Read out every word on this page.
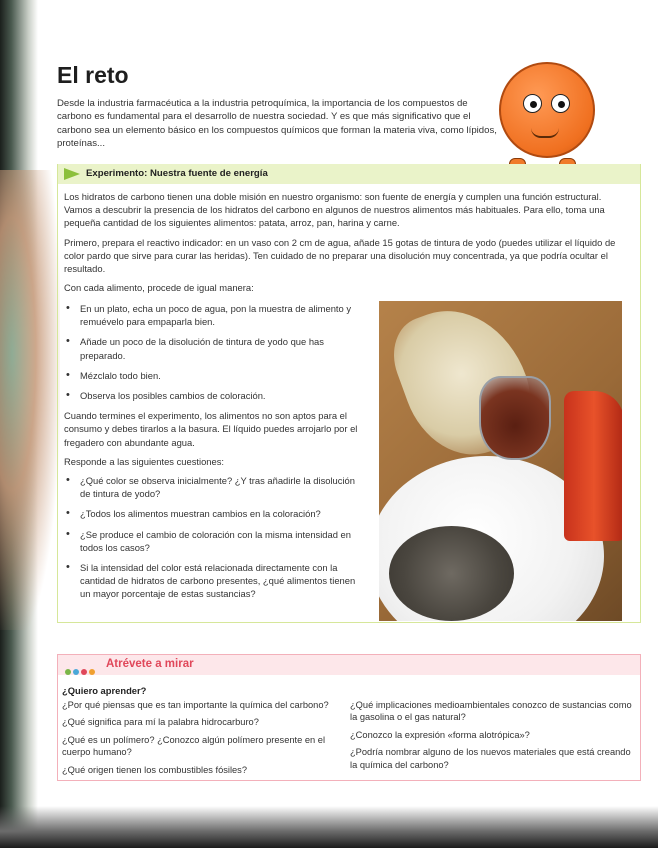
El reto

Desde la industria farmacéutica a la industria petroquímica, la importancia de los compuestos de carbono es fundamental para el desarrollo de nuestra sociedad. Y es que más significativo que el carbono sea un elemento básico en los compuestos químicos que forman la materia viva, como lípidos, proteínas...

Experimento: Nuestra fuente de energía

Los hidratos de carbono tienen una doble misión en nuestro organismo: son fuente de energía y cumplen una función estructural. Vamos a descubrir la presencia de los hidratos del carbono en algunos de nuestros alimentos más habituales. Para ello, toma una pequeña cantidad de los siguientes alimentos: patata, arroz, pan, harina y carne.

Primero, prepara el reactivo indicador: en un vaso con 2 cm de agua, añade 15 gotas de tintura de yodo (puedes utilizar el líquido de color pardo que sirve para curar las heridas). Ten cuidado de no preparar una disolución muy concentrada, ya que podría ocultar el resultado.

Con cada alimento, procede de igual manera:

• En un plato, echa un poco de agua, pon la muestra de alimento y remuévelo para empaparla bien.
• Añade un poco de la disolución de tintura de yodo que has preparado.
• Mézclalo todo bien.
• Observa los posibles cambios de coloración.

Cuando termines el experimento, los alimentos no son aptos para el consumo y debes tirarlos a la basura. El líquido puedes arrojarlo por el fregadero con abundante agua.

Responde a las siguientes cuestiones:

• ¿Qué color se observa inicialmente? ¿Y tras añadirle la disolución de tintura de yodo?
• ¿Todos los alimentos muestran cambios en la coloración?
• ¿Se produce el cambio de coloración con la misma intensidad en todos los casos?
• Si la intensidad del color está relacionada directamente con la cantidad de hidratos de carbono presentes, ¿qué alimentos tienen un mayor porcentaje de estas sustancias?
Atrévete a mirar
¿Quiero aprender?

¿Por qué piensas que es tan importante la química del carbono?

¿Qué significa para mí la palabra hidrocarburo?

¿Qué es un polímero? ¿Conozco algún polímero presente en el cuerpo humano?

¿Qué origen tienen los combustibles fósiles?

¿Qué implicaciones medioambientales conozco de sustancias como la gasolina o el gas natural?

¿Conozco la expresión «forma alotrópica»?

¿Podría nombrar alguno de los nuevos materiales que está creando la química del carbono?
